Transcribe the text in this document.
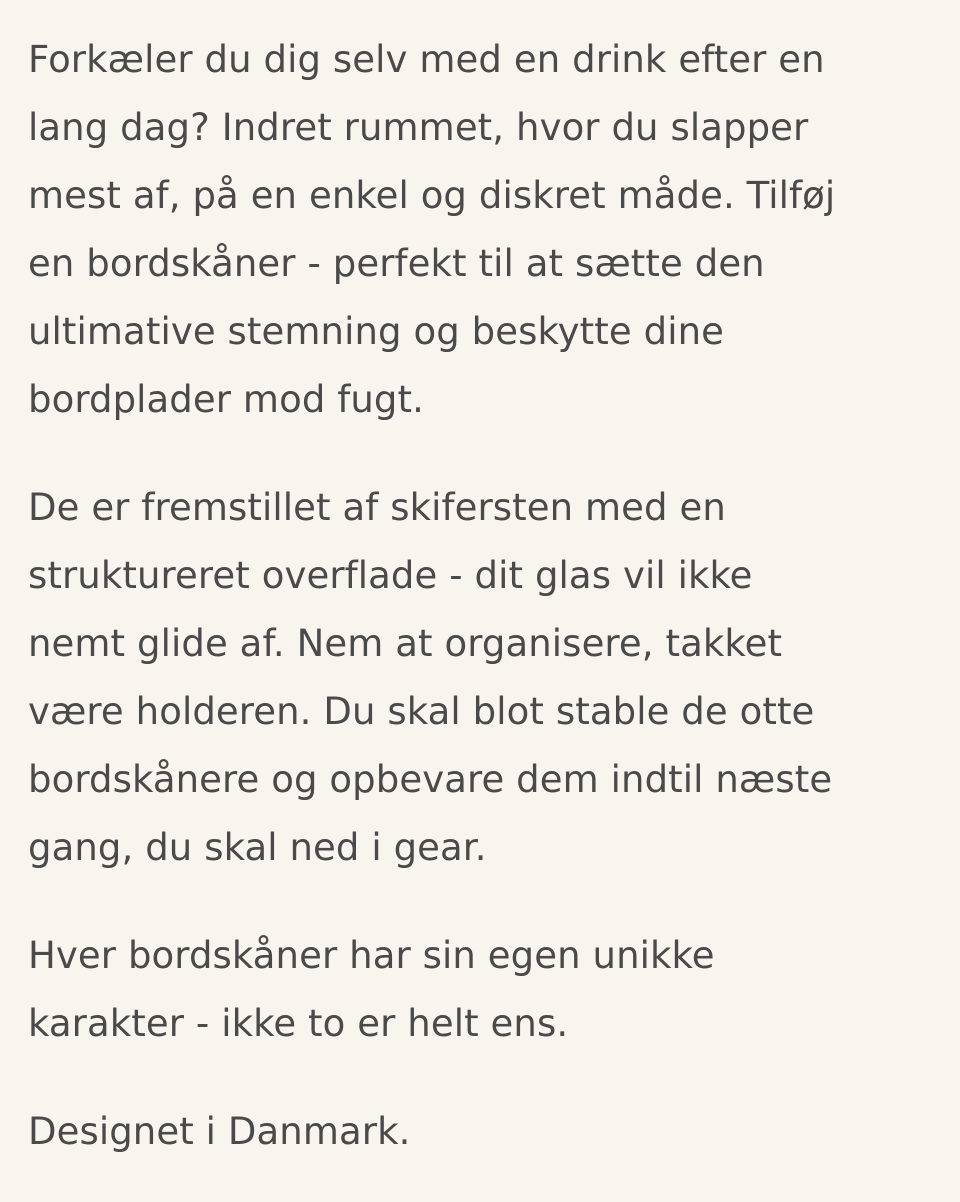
Forkæler du dig selv med en drink efter en
lang dag? Indret rummet, hvor du slapper
mest af, på en enkel og diskret måde. Tilføj
en bordskåner - perfekt til at sætte den
ultimative stemning og beskytte dine
bordplader mod fugt.

De er fremstillet af skifersten med en
struktureret overflade - dit glas vil ikke
nemt glide af. Nem at organisere, takket
være holderen. Du skal blot stable de otte
bordskånere og opbevare dem indtil næste
gang, du skal ned i gear.

Hver bordskåner har sin egen unikke
karakter - ikke to er helt ens.

Designet i Danmark.
